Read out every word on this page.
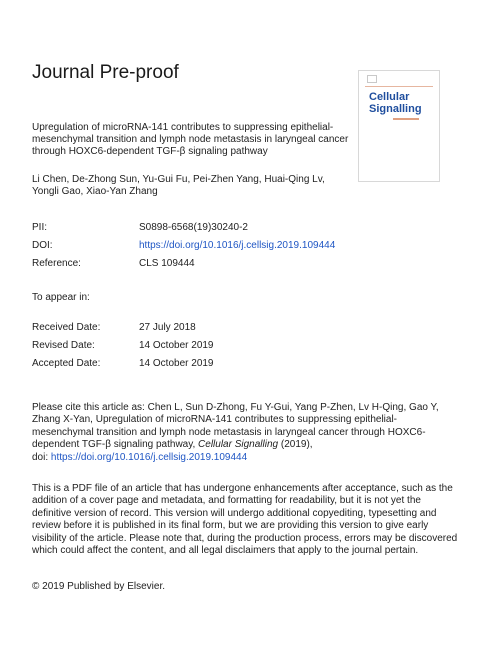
Journal Pre-proof
Cellular
Signalling
Upregulation of microRNA-141 contributes to suppressing epithelial-mesenchymal transition and lymph node metastasis in laryngeal cancer through HOXC6-dependent TGF-β signaling pathway
Li Chen, De-Zhong Sun, Yu-Gui Fu, Pei-Zhen Yang, Huai-Qing Lv, Yongli Gao, Xiao-Yan Zhang
PII:	S0898-6568(19)30240-2
DOI:	https://doi.org/10.1016/j.cellsig.2019.109444
Reference:	CLS 109444
To appear in:
Received Date:	27 July 2018
Revised Date:	14 October 2019
Accepted Date:	14 October 2019

Please cite this article as: Chen L, Sun D-Zhong, Fu Y-Gui, Yang P-Zhen, Lv H-Qing, Gao Y, Zhang X-Yan, Upregulation of microRNA-141 contributes to suppressing epithelial-mesenchymal transition and lymph node metastasis in laryngeal cancer through HOXC6-dependent TGF-β signaling pathway, Cellular Signalling (2019),

doi: https://doi.org/10.1016/j.cellsig.2019.109444

This is a PDF file of an article that has undergone enhancements after acceptance, such as the addition of a cover page and metadata, and formatting for readability, but it is not yet the definitive version of record. This version will undergo additional copyediting, typesetting and review before it is published in its final form, but we are providing this version to give early visibility of the article. Please note that, during the production process, errors may be discovered which could affect the content, and all legal disclaimers that apply to the journal pertain.
© 2019 Published by Elsevier.
